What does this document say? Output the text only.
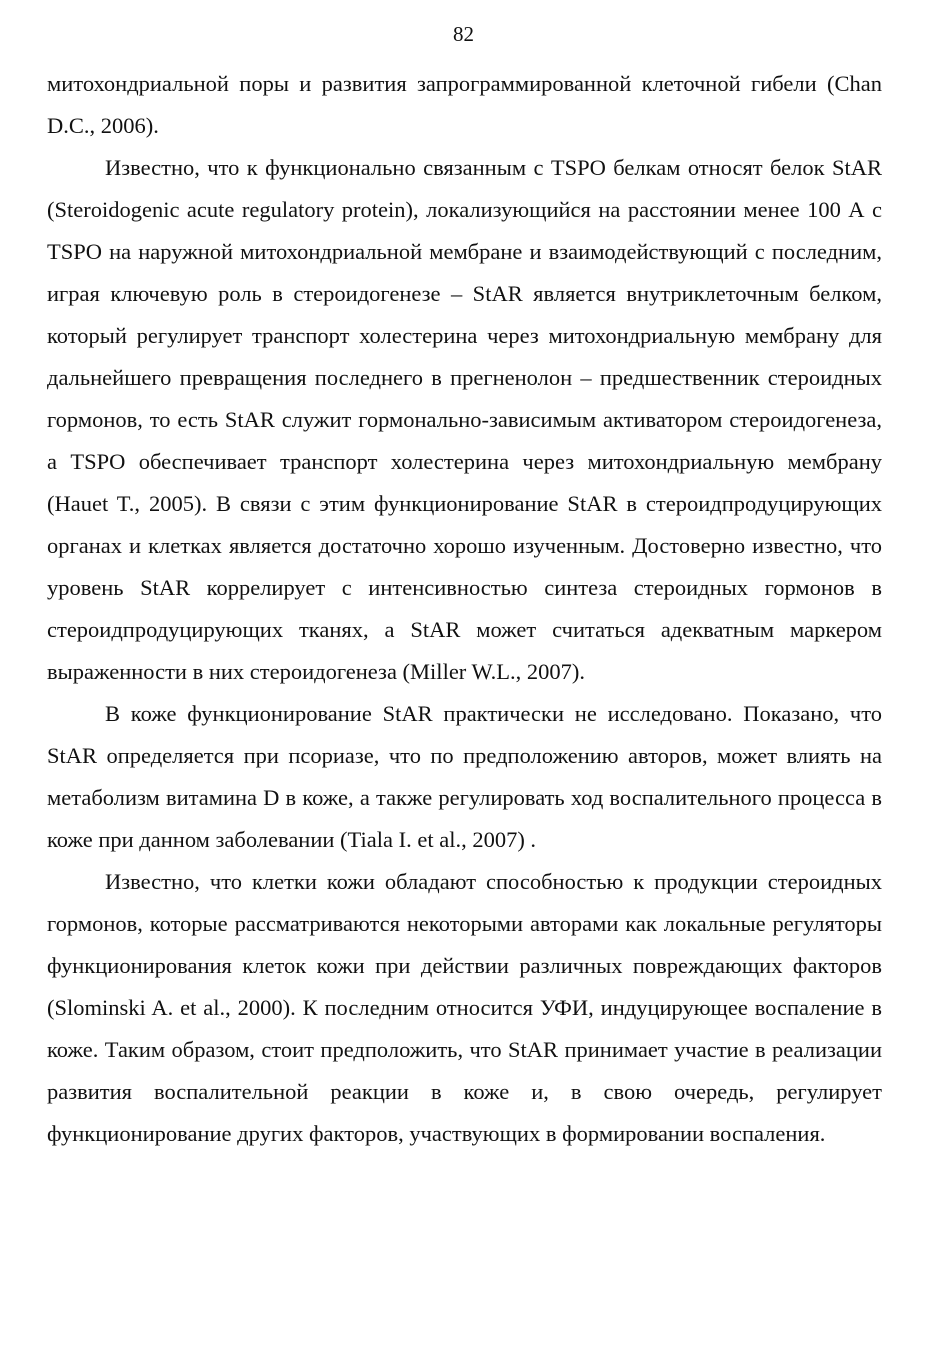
82

митохондриальной поры и развития запрограммированной клеточной гибели (Chan D.C., 2006).

Известно, что к функционально связанным с TSPO белкам относят белок StAR (Steroidogenic acute regulatory protein), локализующийся на расстоянии менее 100 А с TSPO на наружной митохондриальной мембране и взаимодействующий с последним, играя ключевую роль в стероидогенезе – StAR является внутриклеточным белком, который регулирует транспорт холестерина через митохондриальную мембрану для дальнейшего превращения последнего в прегненолон – предшественник стероидных гормонов, то есть StAR служит гормонально-зависимым активатором стероидогенеза, а TSPO обеспечивает транспорт холестерина через митохондриальную мембрану (Hauet T., 2005). В связи с этим функционирование StAR в стероидпродуцирующих органах и клетках является достаточно хорошо изученным. Достоверно известно, что уровень StAR коррелирует с интенсивностью синтеза стероидных гормонов в стероидпродуцирующих тканях, а StAR может считаться адекватным маркером выраженности в них стероидогенеза (Miller W.L., 2007).

В коже функционирование StAR практически не исследовано. Показано, что StAR определяется при псориазе, что по предположению авторов, может влиять на метаболизм витамина D в коже, а также регулировать ход воспалительного процесса в коже при данном заболевании (Tiala I. et al., 2007) .

Известно, что клетки кожи обладают способностью к продукции стероидных гормонов, которые рассматриваются некоторыми авторами как локальные регуляторы функционирования клеток кожи при действии различных повреждающих факторов (Slominski A. et al., 2000). К последним относится УФИ, индуцирующее воспаление в коже. Таким образом, стоит предположить, что StAR принимает участие в реализации развития воспалительной реакции в коже и, в свою очередь, регулирует функционирование других факторов, участвующих в формировании воспаления.
